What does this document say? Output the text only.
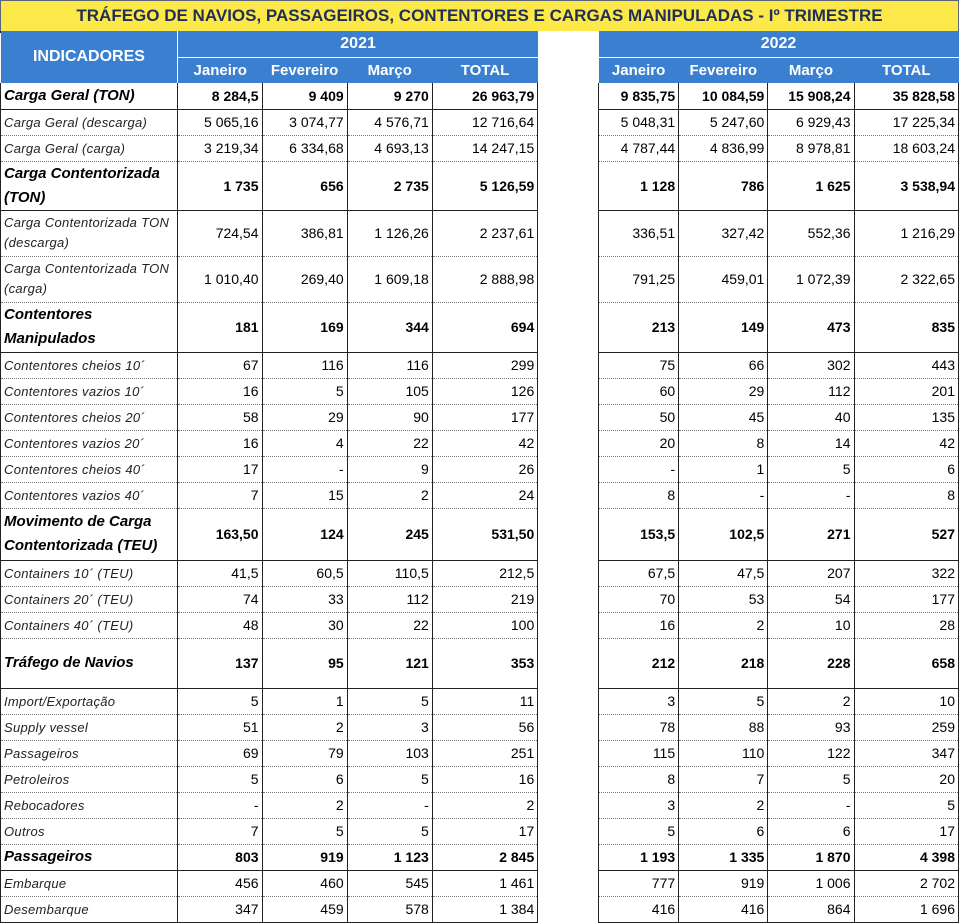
TRÁFEGO DE NAVIOS, PASSAGEIROS, CONTENTORES E CARGAS MANIPULADAS - Iº TRIMESTRE
INDICADORES	2021					2022			
	Janeiro	Fevereiro	Março	TOTAL		Janeiro	Fevereiro	Março	TOTAL
Carga Geral (TON)	8 284,5	9 409	9 270	26 963,79		9 835,75	10 084,59	15 908,24	35 828,58
Carga Geral (descarga)	5 065,16	3 074,77	4 576,71	12 716,64		5 048,31	5 247,60	6 929,43	17 225,34
Carga Geral (carga)	3 219,34	6 334,68	4 693,13	14 247,15		4 787,44	4 836,99	8 978,81	18 603,24
Carga Contentorizada (TON)	1 735	656	2 735	5 126,59		1 128	786	1 625	3 538,94
Carga Contentorizada TON (descarga)	724,54	386,81	1 126,26	2 237,61		336,51	327,42	552,36	1 216,29
Carga Contentorizada TON (carga)	1 010,40	269,40	1 609,18	2 888,98		791,25	459,01	1 072,39	2 322,65
Contentores Manipulados	181	169	344	694		213	149	473	835
Contentores cheios 10´	67	116	116	299		75	66	302	443
Contentores vazios 10´	16	5	105	126		60	29	112	201
Contentores cheios 20´	58	29	90	177		50	45	40	135
Contentores vazios 20´	16	4	22	42		20	8	14	42
Contentores cheios 40´	17	-	9	26		-	1	5	6
Contentores vazios 40´	7	15	2	24		8	-	-	8
Movimento de Carga Contentorizada (TEU)	163,50	124	245	531,50		153,5	102,5	271	527
Containers 10´ (TEU)	41,5	60,5	110,5	212,5		67,5	47,5	207	322
Containers 20´ (TEU)	74	33	112	219		70	53	54	177
Containers 40´ (TEU)	48	30	22	100		16	2	10	28
Tráfego de Navios	137	95	121	353		212	218	228	658
Import/Exportação	5	1	5	11		3	5	2	10
Supply vessel	51	2	3	56		78	88	93	259
Passageiros	69	79	103	251		115	110	122	347
Petroleiros	5	6	5	16		8	7	5	20
Rebocadores	-	2	-	2		3	2	-	5
Outros	7	5	5	17		5	6	6	17
Passageiros	803	919	1 123	2 845		1 193	1 335	1 870	4 398
Embarque	456	460	545	1 461		777	919	1 006	2 702
Desembarque	347	459	578	1 384		416	416	864	1 696
